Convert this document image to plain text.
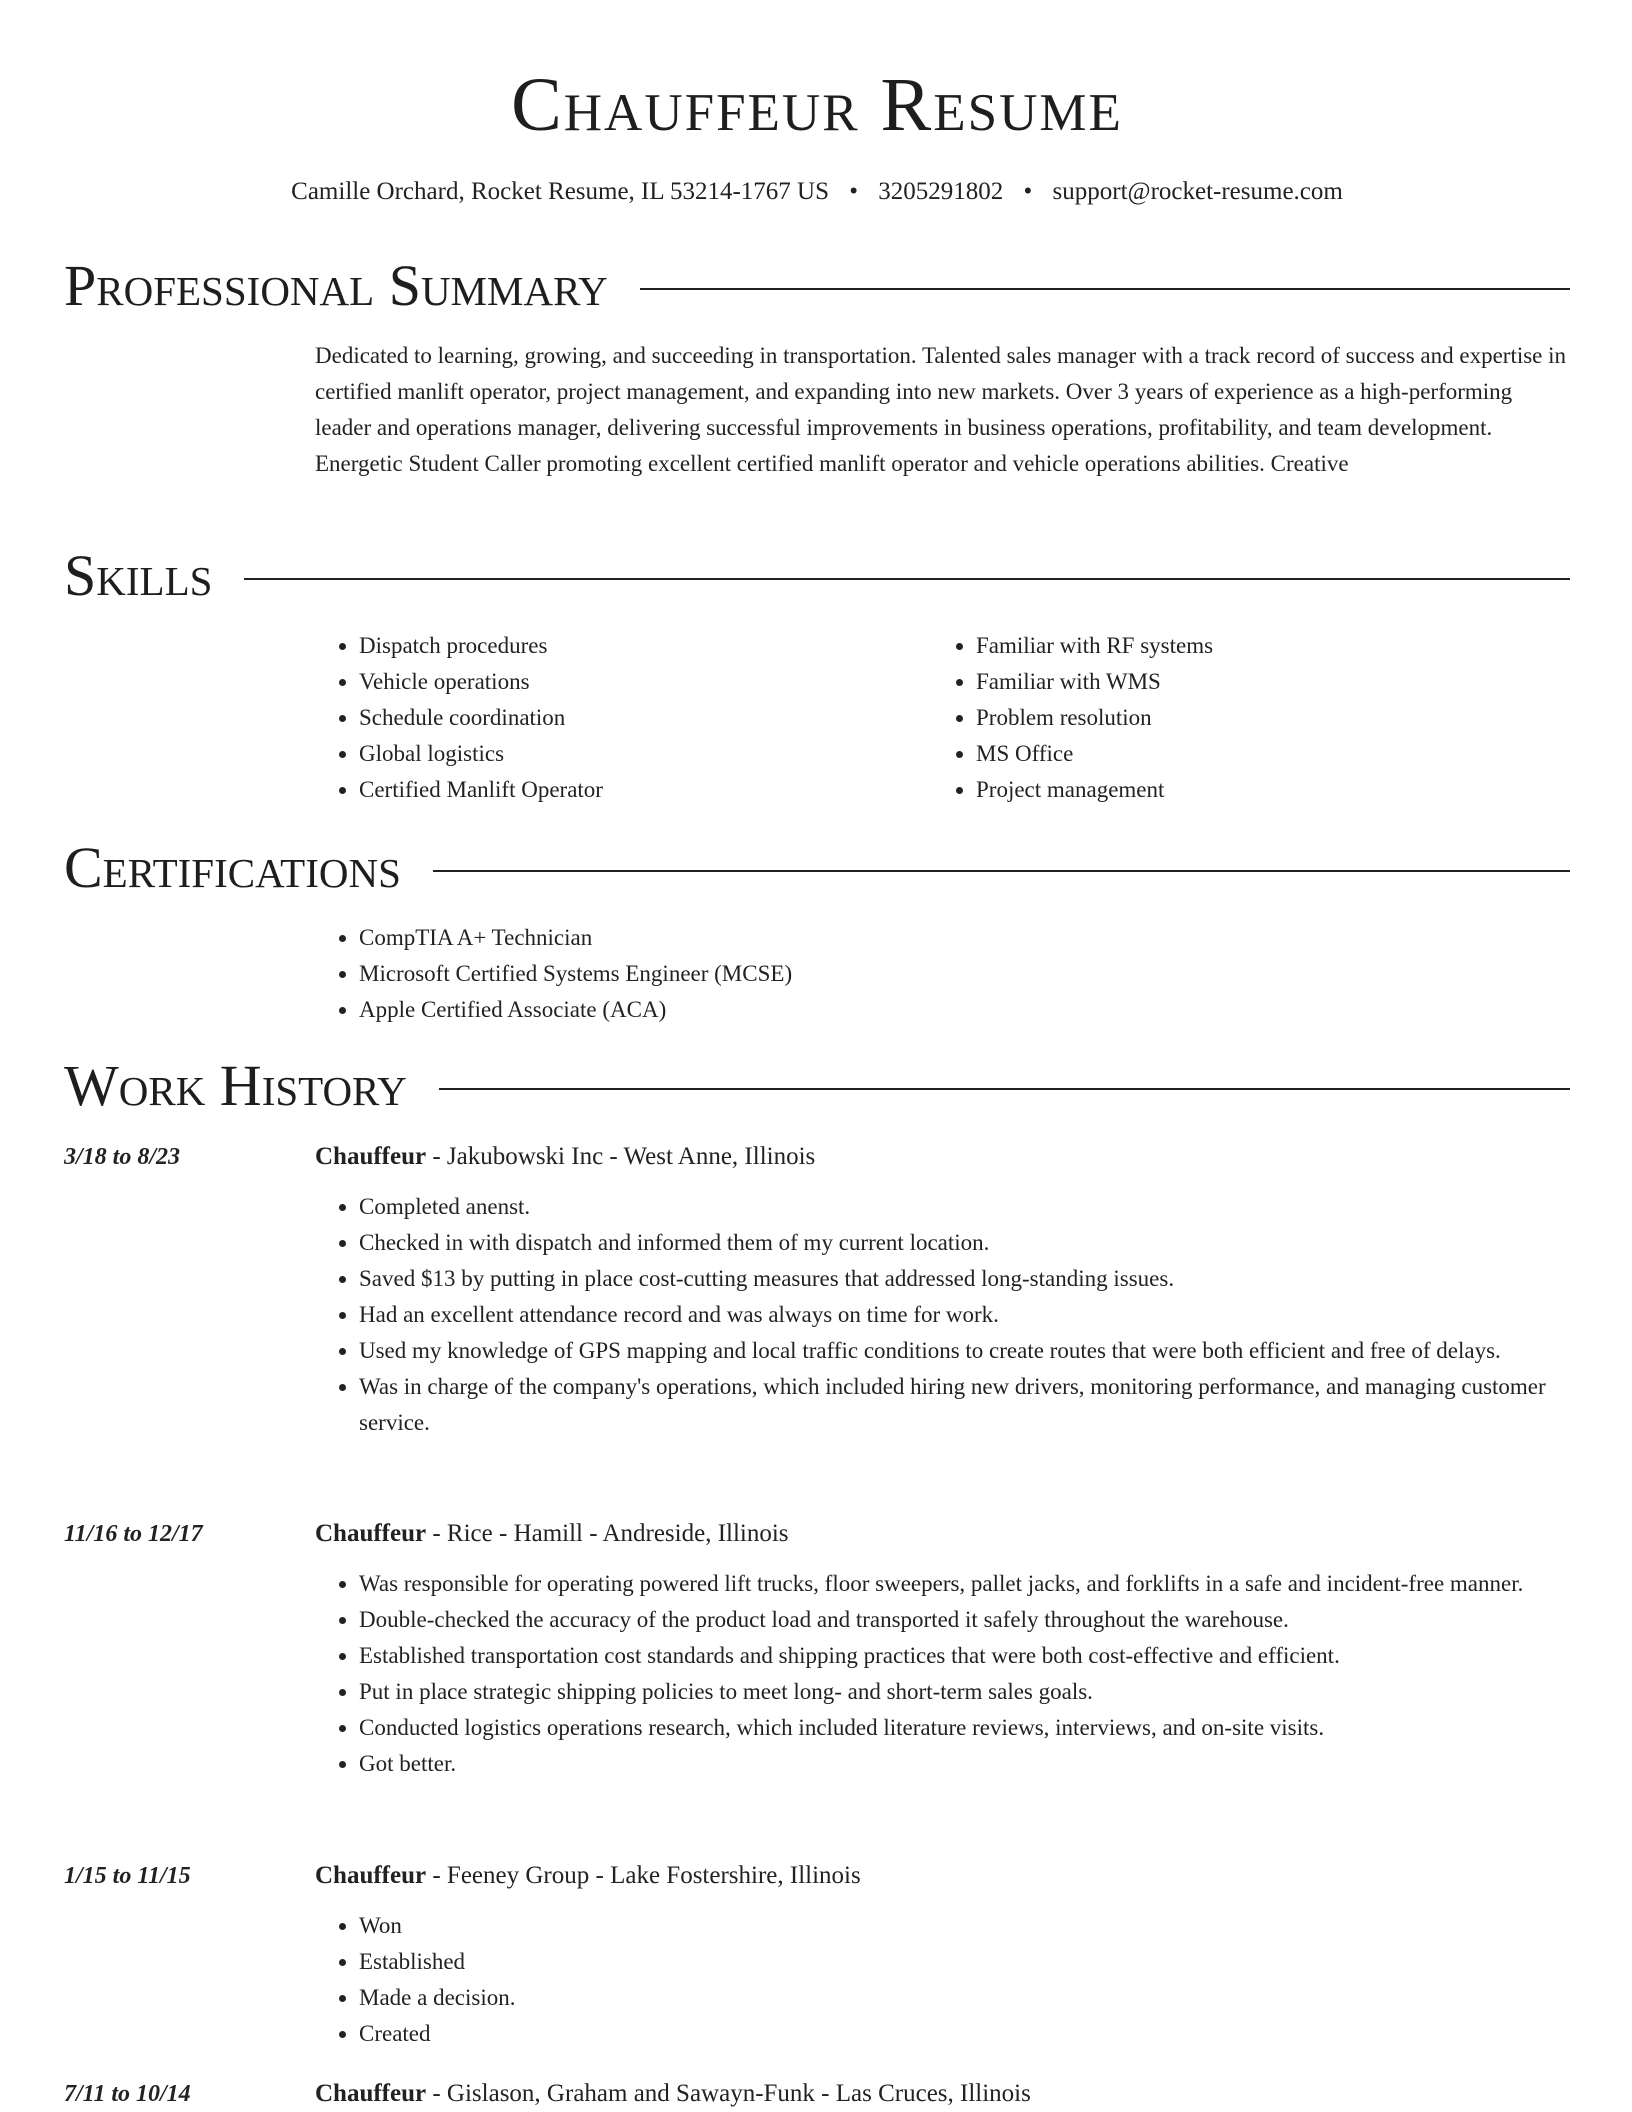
Chauffeur Resume
Camille Orchard, Rocket Resume, IL 53214-1767 US • 3205291802 • support@rocket-resume.com
Professional Summary

Dedicated to learning, growing, and succeeding in transportation. Talented sales manager with a track record of success and expertise in certified manlift operator, project management, and expanding into new markets. Over 3 years of experience as a high-performing leader and operations manager, delivering successful improvements in business operations, profitability, and team development. Energetic Student Caller promoting excellent certified manlift operator and vehicle operations abilities. Creative

Skills
• Dispatch procedures
• Vehicle operations
• Schedule coordination
• Global logistics
• Certified Manlift Operator
• Familiar with RF systems
• Familiar with WMS
• Problem resolution
• MS Office
• Project management
Certifications
• CompTIA A+ Technician
• Microsoft Certified Systems Engineer (MCSE)
• Apple Certified Associate (ACA)
Work History
3/18 to 8/23	Chauffeur - Jakubowski Inc - West Anne, Illinois
• Completed anenst.
• Checked in with dispatch and informed them of my current location.
• Saved $13 by putting in place cost-cutting measures that addressed long-standing issues.
• Had an excellent attendance record and was always on time for work.
• Used my knowledge of GPS mapping and local traffic conditions to create routes that were both efficient and free of delays.
• Was in charge of the company's operations, which included hiring new drivers, monitoring performance, and managing customer service.
11/16 to 12/17	Chauffeur - Rice - Hamill - Andreside, Illinois
• Was responsible for operating powered lift trucks, floor sweepers, pallet jacks, and forklifts in a safe and incident-free manner.
• Double-checked the accuracy of the product load and transported it safely throughout the warehouse.
• Established transportation cost standards and shipping practices that were both cost-effective and efficient.
• Put in place strategic shipping policies to meet long- and short-term sales goals.
• Conducted logistics operations research, which included literature reviews, interviews, and on-site visits.
• Got better.
1/15 to 11/15	Chauffeur - Feeney Group - Lake Fostershire, Illinois
• Won
• Established
• Made a decision.
• Created
7/11 to 10/14	Chauffeur - Gislason, Graham and Sawayn-Funk - Las Cruces, Illinois
